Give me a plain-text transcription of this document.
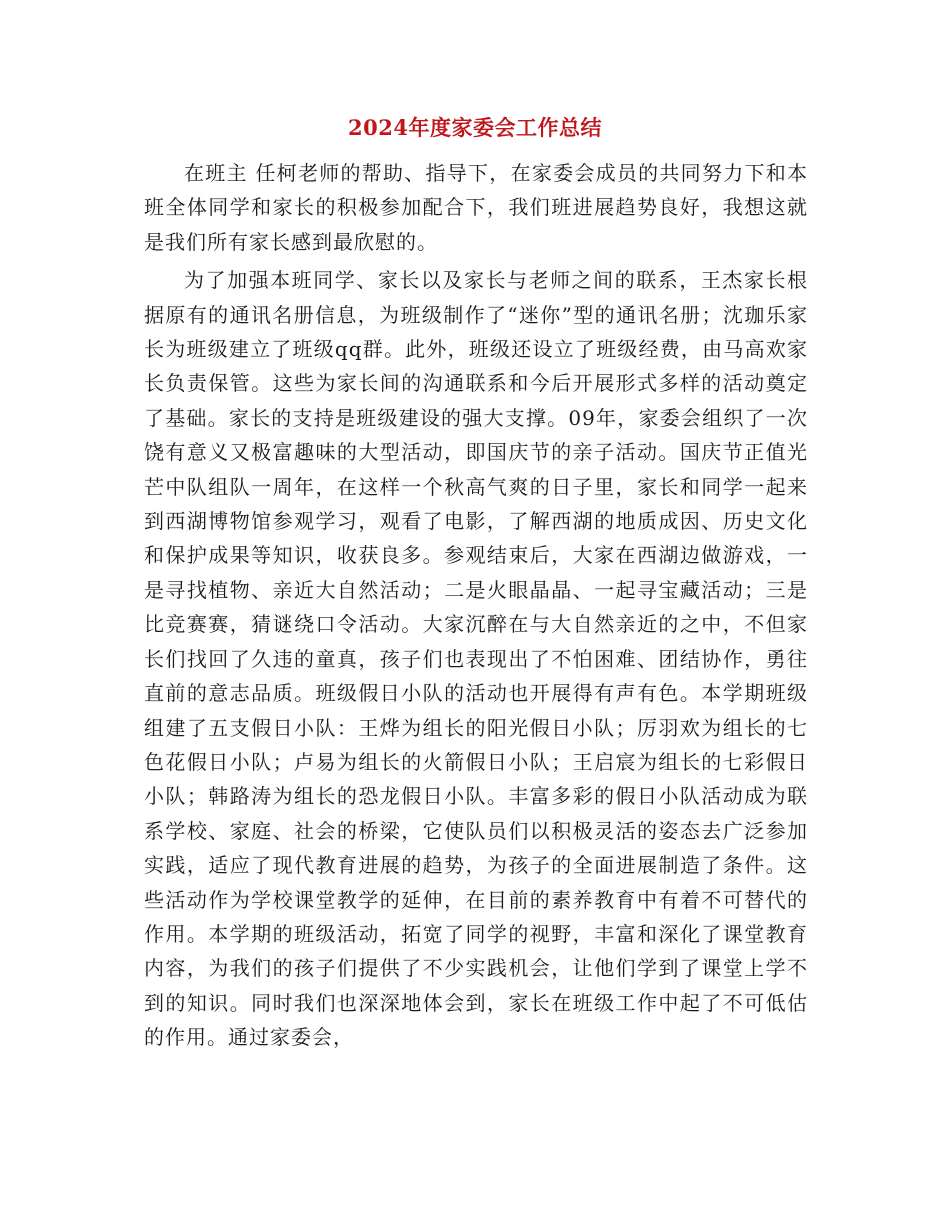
2024年度家委会工作总结

在班主 任柯老师的帮助、指导下，在家委会成员的共同努力下和本班全体同学和家长的积极参加配合下，我们班进展趋势良好，我想这就是我们所有家长感到最欣慰的。

为了加强本班同学、家长以及家长与老师之间的联系，王杰家长根据原有的通讯名册信息，为班级制作了“迷你”型的通讯名册；沈珈乐家长为班级建立了班级qq群。此外，班级还设立了班级经费，由马高欢家长负责保管。这些为家长间的沟通联系和今后开展形式多样的活动奠定了基础。家长的支持是班级建设的强大支撑。09年，家委会组织了一次饶有意义又极富趣味的大型活动，即国庆节的亲子活动。国庆节正值光芒中队组队一周年，在这样一个秋高气爽的日子里，家长和同学一起来到西湖博物馆参观学习，观看了电影，了解西湖的地质成因、历史文化和保护成果等知识，收获良多。参观结束后，大家在西湖边做游戏，一是寻找植物、亲近大自然活动；二是火眼晶晶、一起寻宝藏活动；三是比竞赛赛，猜谜绕口令活动。大家沉醉在与大自然亲近的之中，不但家长们找回了久违的童真，孩子们也表现出了不怕困难、团结协作，勇往直前的意志品质。班级假日小队的活动也开展得有声有色。本学期班级组建了五支假日小队：王烨为组长的阳光假日小队；厉羽欢为组长的七色花假日小队；卢易为组长的火箭假日小队；王启宸为组长的七彩假日小队；韩路涛为组长的恐龙假日小队。丰富多彩的假日小队活动成为联系学校、家庭、社会的桥梁，它使队员们以积极灵活的姿态去广泛参加实践，适应了现代教育进展的趋势，为孩子的全面进展制造了条件。这些活动作为学校课堂教学的延伸，在目前的素养教育中有着不可替代的作用。本学期的班级活动，拓宽了同学的视野，丰富和深化了课堂教育内容，为我们的孩子们提供了不少实践机会，让他们学到了课堂上学不到的知识。同时我们也深深地体会到，家长在班级工作中起了不可低估的作用。通过家委会，
